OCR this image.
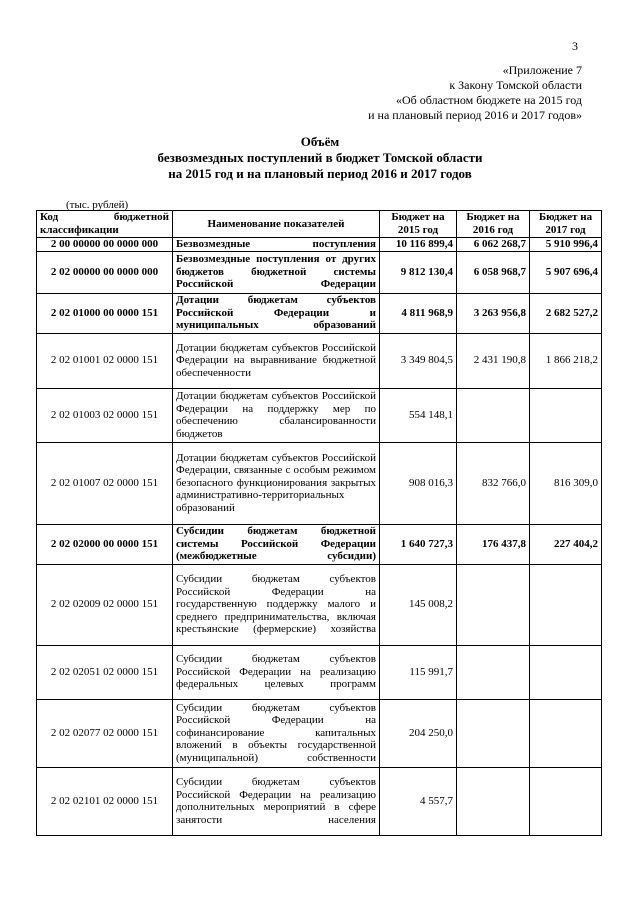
3
«Приложение 7
к Закону Томской области
«Об областном бюджете на 2015 год
и на плановый период 2016 и 2017 годов»
Объём
безвозмездных поступлений в бюджет Томской области
на 2015 год и на плановый период 2016 и 2017 годов
(тыс. рублей)
Код бюджетной классификации	Наименование показателей	Бюджет на 2015 год	Бюджет на 2016 год	Бюджет на 2017 год
2 00 00000 00 0000 000	Безвозмездные поступления	10 116 899,4	6 062 268,7	5 910 996,4
2 02 00000 00 0000 000	Безвозмездные поступления от других бюджетов бюджетной системы Российской Федерации	9 812 130,4	6 058 968,7	5 907 696,4
2 02 01000 00 0000 151	Дотации бюджетам субъектов Российской Федерации и муниципальных образований	4 811 968,9	3 263 956,8	2 682 527,2
2 02 01001 02 0000 151	Дотации бюджетам субъектов Российской Федерации на выравнивание бюджетной обеспеченности	3 349 804,5	2 431 190,8	1 866 218,2
2 02 01003 02 0000 151	Дотации бюджетам субъектов Российской Федерации на поддержку мер по обеспечению сбалансированности бюджетов	554 148,1		
2 02 01007 02 0000 151	Дотации бюджетам субъектов Российской Федерации, связанные с особым режимом безопасного функционирования закрытых административно-территориальных образований	908 016,3	832 766,0	816 309,0
2 02 02000 00 0000 151	Субсидии бюджетам бюджетной системы Российской Федерации (межбюджетные субсидии)	1 640 727,3	176 437,8	227 404,2
2 02 02009 02 0000 151	Субсидии бюджетам субъектов Российской Федерации на государственную поддержку малого и среднего предпринимательства, включая крестьянские (фермерские) хозяйства	145 008,2		
2 02 02051 02 0000 151	Субсидии бюджетам субъектов Российской Федерации на реализацию федеральных целевых программ	115 991,7		
2 02 02077 02 0000 151	Субсидии бюджетам субъектов Российской Федерации на софинансирование капитальных вложений в объекты государственной (муниципальной) собственности	204 250,0		
2 02 02101 02 0000 151	Субсидии бюджетам субъектов Российской Федерации на реализацию дополнительных мероприятий в сфере занятости населения	4 557,7		
